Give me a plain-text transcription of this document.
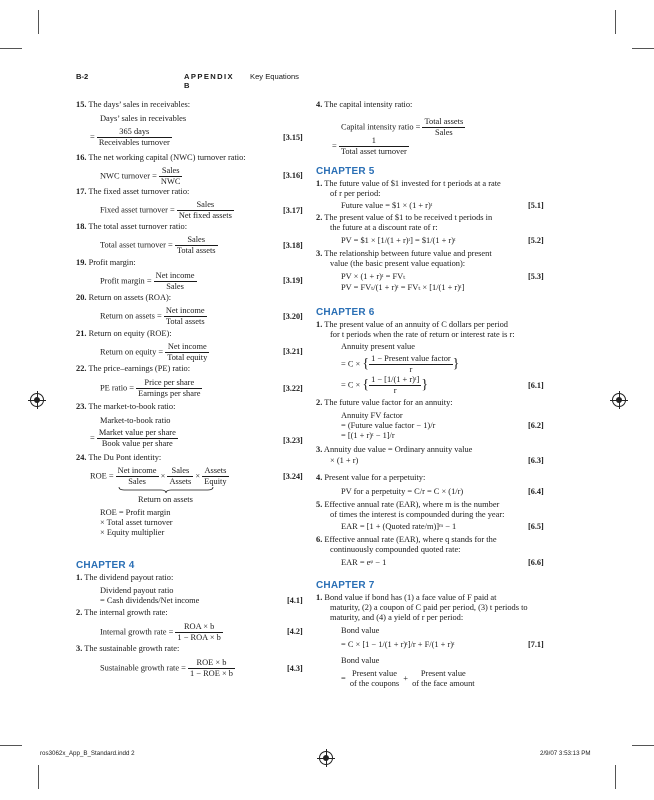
B-2	APPENDIX B
Key Equations
15. The days’ sales in receivables:
Days’ sales in receivables
= $\frac{\text{365 days}}{\text{Receivables turnover}}$	[3.15]
16. The net working capital (NWC) turnover ratio:
NWC turnover = $\frac{\text{Sales}}{\text{NWC}}$	[3.16]
17. The fixed asset turnover ratio:
Fixed asset turnover = $\frac{\text{Sales}}{\text{Net fixed assets}}$	[3.17]
18. The total asset turnover ratio:
Total asset turnover = $\frac{\text{Sales}}{\text{Total assets}}$	[3.18]
19. Profit margin:
Profit margin = $\frac{\text{Net income}}{\text{Sales}}$	[3.19]
20. Return on assets (ROA):
Return on assets = $\frac{\text{Net income}}{\text{Total assets}}$	[3.20]
21. Return on equity (ROE):
Return on equity = $\frac{\text{Net income}}{\text{Total equity}}$	[3.21]
22. The price–earnings (PE) ratio:
PE ratio = $\frac{\text{Price per share}}{\text{Earnings per share}}$	[3.22]
23. The market-to-book ratio:
Market-to-book ratio
= $\frac{\text{Market value per share}}{\text{Book value per share}}$	[3.23]
24. The Du Pont identity:
ROE = $\frac{\text{Net income}}{\text{Sales}} \times \frac{\text{Sales}}{\text{Assets}} \times \frac{\text{Assets}}{\text{Equity}}$
Return on assets
[3.24]
ROE = Profit margin
× Total asset turnover
× Equity multiplier
CHAPTER 4
1. The dividend payout ratio:
Dividend payout ratio
= Cash dividends/Net income	[4.1]
2. The internal growth rate:
Internal growth rate = $\frac{\text{ROA × b}}{\text{1 − ROA × b}}$	[4.2]
3. The sustainable growth rate:
Sustainable growth rate = $\frac{\text{ROE × b}}{\text{1 − ROE × b}}$	[4.3]
4. The capital intensity ratio:
Capital intensity ratio = $\frac{\text{Total assets}}{\text{Sales}}$
= $\frac{1}{\text{Total asset turnover}}$
CHAPTER 5
1. The future value of $1 invested for t periods at a rate
of r per period:
Future value = $1 × (1 + r)ᵗ	[5.1]
2. The present value of $1 to be received t periods in
the future at a discount rate of r:
PV = $1 × [1/(1 + r)ᵗ] = $1/(1 + r)ᵗ	[5.2]
3. The relationship between future value and present
value (the basic present value equation):
PV × (1 + r)ᵗ = FVₜ
PV = FVₜ/(1 + r)ᵗ = FVₜ × [1/(1 + r)ᵗ]
[5.3]
CHAPTER 6
1. The present value of an annuity of C dollars per period
for t periods when the rate of return or interest rate is r:
Annuity present value
= C × { $\frac{\text{1 − Present value factor}}{r}$ }
= C × { $\frac{\text{1 − [1/(1 + r)ᵗ]}}{r}$ }	[6.1]
2. The future value factor for an annuity:
Annuity FV factor
= (Future value factor − 1)/r	[6.2]
= [(1 + r)ᵗ − 1]/r
3. Annuity due value = Ordinary annuity value
× (1 + r)	[6.3]
4. Present value for a perpetuity:
PV for a perpetuity = C/r = C × (1/r)	[6.4]
5. Effective annual rate (EAR), where m is the number
of times the interest is compounded during the year:
EAR = [1 + (Quoted rate/m)]ᵐ − 1	[6.5]
6. Effective annual rate (EAR), where q stands for the
continuously compounded quoted rate:
EAR = eᵠ − 1	[6.6]
CHAPTER 7
1. Bond value if bond has (1) a face value of F paid at
maturity, (2) a coupon of C paid per period, (3) t periods to
maturity, and (4) a yield of r per period:
Bond value
= C × [1 − 1/(1 + r)ᵗ]/r + F/(1 + r)ᵗ	[7.1]
Bond value
=
Present value
of the coupons
+
Present value
of the face amount
ros3062x_App_B_Standard.indd 2	2/9/07 3:53:13 PM
